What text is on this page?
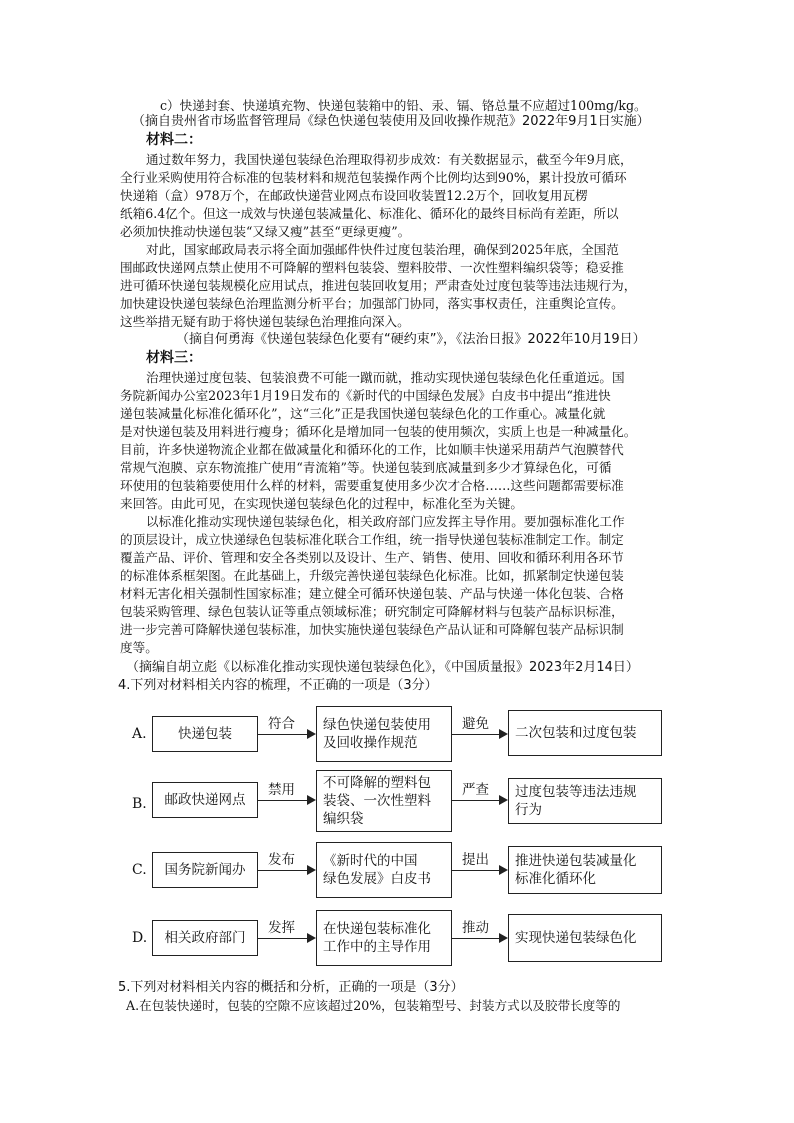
c）快递封套、快递填充物、快递包装箱中的铅、汞、镉、铬总量不应超过100mg/kg。
（摘自贵州省市场监督管理局《绿色快递包装使用及回收操作规范》2022年9月1日实施）
材料二：
通过数年努力，我国快递包装绿色治理取得初步成效：有关数据显示，截至今年9月底，
全行业采购使用符合标准的包装材料和规范包装操作两个比例均达到90%，累计投放可循环
快递箱（盒）978万个，在邮政快递营业网点布设回收装置12.2万个，回收复用瓦楞
纸箱6.4亿个。但这一成效与快递包装减量化、标准化、循环化的最终目标尚有差距，所以
必须加快推动快递包装“又绿又瘦”甚至“更绿更瘦”。
对此，国家邮政局表示将全面加强邮件快件过度包装治理，确保到2025年底，全国范
围邮政快递网点禁止使用不可降解的塑料包装袋、塑料胶带、一次性塑料编织袋等；稳妥推
进可循环快递包装规模化应用试点，推进包装回收复用；严肃查处过度包装等违法违规行为，
加快建设快递包装绿色治理监测分析平台；加强部门协同，落实事权责任，注重舆论宣传。
这些举措无疑有助于将快递包装绿色治理推向深入。
（摘自何勇海《快递包装绿色化要有“硬约束”》，《法治日报》2022年10月19日）
材料三：
治理快递过度包装、包装浪费不可能一蹴而就，推动实现快递包装绿色化任重道远。国
务院新闻办公室2023年1月19日发布的《新时代的中国绿色发展》白皮书中提出“推进快
递包装减量化标准化循环化”，这“三化”正是我国快递包装绿色化的工作重心。减量化就
是对快递包装及用料进行瘦身；循环化是增加同一包装的使用频次，实质上也是一种减量化。
目前，许多快递物流企业都在做减量化和循环化的工作，比如顺丰快递采用葫芦气泡膜替代
常规气泡膜、京东物流推广使用“青流箱”等。快递包装到底减量到多少才算绿色化，可循
环使用的包装箱要使用什么样的材料，需要重复使用多少次才合格……这些问题都需要标准
来回答。由此可见，在实现快递包装绿色化的过程中，标准化至为关键。
以标准化推动实现快递包装绿色化，相关政府部门应发挥主导作用。要加强标准化工作
的顶层设计，成立快递绿色包装标准化联合工作组，统一指导快递包装标准制定工作。制定
覆盖产品、评价、管理和安全各类别以及设计、生产、销售、使用、回收和循环利用各环节
的标准体系框架图。在此基础上，升级完善快递包装绿色化标准。比如，抓紧制定快递包装
材料无害化相关强制性国家标准；建立健全可循环快递包装、产品与快递一体化包装、合格
包装采购管理、绿色包装认证等重点领域标准；研究制定可降解材料与包装产品标识标准，
进一步完善可降解快递包装标准，加快实施快递包装绿色产品认证和可降解包装产品标识制
度等。
（摘编自胡立彪《以标准化推动实现快递包装绿色化》，《中国质量报》2023年2月14日）
4.下列对材料相关内容的梳理，不正确的一项是（3分）
A. 快递包装
符合 绿色快递包装使用
及回收操作规范
避免
二次包装和过度包装
B. 邮政快递网点
禁用 不可降解的塑料包
装袋、一次性塑料
编织袋
严查 过度包装等违法违规
行为
C. 国务院新闻办
发布 《新时代的中国
绿色发展》白皮书
提出 推进快递包装减量化
标准化循环化
D. 相关政府部门
发挥 在快递包装标准化
工作中的主导作用
推动
实现快递包装绿色化
5.下列对材料相关内容的概括和分析，正确的一项是（3分）
A.在包装快递时，包装的空隙不应该超过20%，包装箱型号、封装方式以及胶带长度等的
